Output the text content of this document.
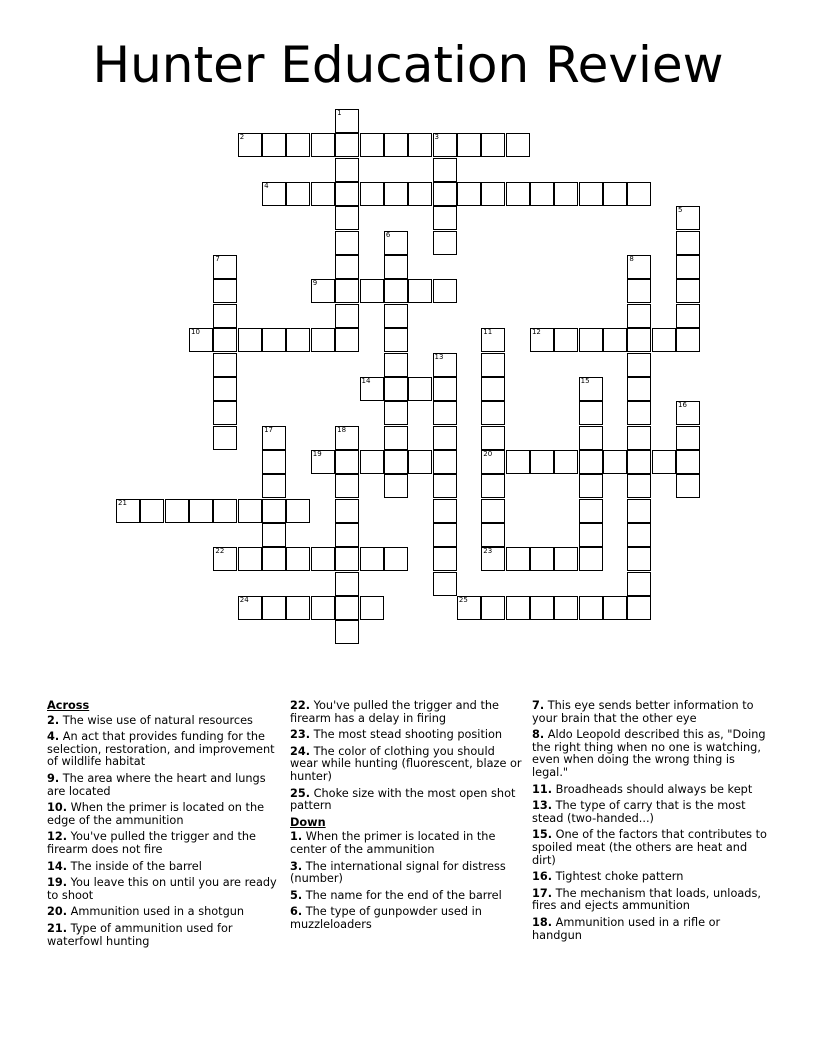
Hunter Education Review
1
2	3
4
5
6
7	8
9
10	11	12
13
14	15
16
17	18
19	20
21
22	23
24	25
Across
2. The wise use of natural resources
4. An act that provides funding for the selection, restoration, and improvement of wildlife habitat
9. The area where the heart and lungs are located
10. When the primer is located on the edge of the ammunition
12. You've pulled the trigger and the firearm does not fire
14. The inside of the barrel
19. You leave this on until you are ready to shoot
20. Ammunition used in a shotgun
21. Type of ammunition used for waterfowl hunting
22. You've pulled the trigger and the firearm has a delay in firing
23. The most stead shooting position
24. The color of clothing you should wear while hunting (fluorescent, blaze or hunter)
25. Choke size with the most open shot pattern
Down
1. When the primer is located in the center of the ammunition
3. The international signal for distress (number)
5. The name for the end of the barrel
6. The type of gunpowder used in muzzleloaders
7. This eye sends better information to your brain that the other eye
8. Aldo Leopold described this as, "Doing the right thing when no one is watching, even when doing the wrong thing is legal."
11. Broadheads should always be kept
13. The type of carry that is the most stead (two-handed...)
15. One of the factors that contributes to spoiled meat (the others are heat and dirt)
16. Tightest choke pattern
17. The mechanism that loads, unloads, fires and ejects ammunition
18. Ammunition used in a rifle or handgun
